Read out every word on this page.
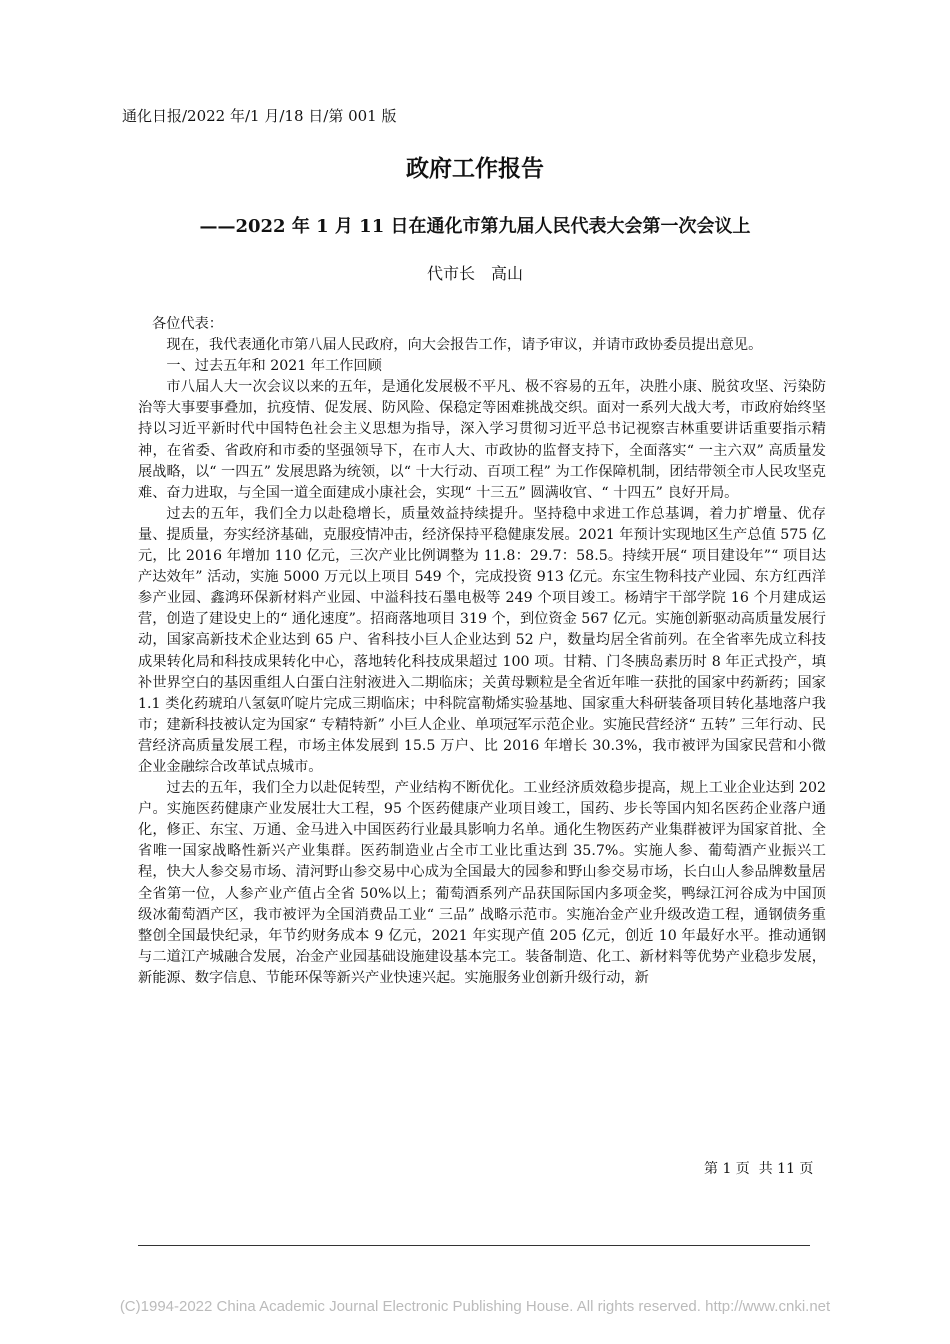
通化日报/2022 年/1 月/18 日/第 001 版
政府工作报告
——2022 年 1 月 11 日在通化市第九届人民代表大会第一次会议上
代市长　高山

各位代表：

现在，我代表通化市第八届人民政府，向大会报告工作，请予审议，并请市政协委员提出意见。

一、过去五年和 2021 年工作回顾

市八届人大一次会议以来的五年，是通化发展极不平凡、极不容易的五年，决胜小康、脱贫攻坚、污染防治等大事要事叠加，抗疫情、促发展、防风险、保稳定等困难挑战交织。面对一系列大战大考，市政府始终坚持以习近平新时代中国特色社会主义思想为指导，深入学习贯彻习近平总书记视察吉林重要讲话重要指示精神，在省委、省政府和市委的坚强领导下，在市人大、市政协的监督支持下，全面落实“ 一主六双” 高质量发展战略，以“ 一四五” 发展思路为统领，以“ 十大行动、百项工程” 为工作保障机制，团结带领全市人民攻坚克难、奋力进取，与全国一道全面建成小康社会，实现“ 十三五” 圆满收官、“ 十四五” 良好开局。

过去的五年，我们全力以赴稳增长，质量效益持续提升。坚持稳中求进工作总基调，着力扩增量、优存量、提质量，夯实经济基础，克服疫情冲击，经济保持平稳健康发展。2021 年预计实现地区生产总值 575 亿元，比 2016 年增加 110 亿元，三次产业比例调整为 11.8：29.7：58.5。持续开展“ 项目建设年”“ 项目达产达效年” 活动，实施 5000 万元以上项目 549 个，完成投资 913 亿元。东宝生物科技产业园、东方红西洋参产业园、鑫鸿环保新材料产业园、中溢科技石墨电极等 249 个项目竣工。杨靖宇干部学院 16 个月建成运营，创造了建设史上的“ 通化速度”。招商落地项目 319 个，到位资金 567 亿元。实施创新驱动高质量发展行动，国家高新技术企业达到 65 户、省科技小巨人企业达到 52 户，数量均居全省前列。在全省率先成立科技成果转化局和科技成果转化中心，落地转化科技成果超过 100 项。甘精、门冬胰岛素历时 8 年正式投产，填补世界空白的基因重组人白蛋白注射液进入二期临床；关黄母颗粒是全省近年唯一获批的国家中药新药；国家 1.1 类化药琥珀八氢氨吖啶片完成三期临床；中科院富勒烯实验基地、国家重大科研装备项目转化基地落户我市；建新科技被认定为国家“ 专精特新” 小巨人企业、单项冠军示范企业。实施民营经济“ 五转” 三年行动、民营经济高质量发展工程，市场主体发展到 15.5 万户、比 2016 年增长 30.3%，我市被评为国家民营和小微企业金融综合改革试点城市。

过去的五年，我们全力以赴促转型，产业结构不断优化。工业经济质效稳步提高，规上工业企业达到 202 户。实施医药健康产业发展壮大工程，95 个医药健康产业项目竣工，国药、步长等国内知名医药企业落户通化，修正、东宝、万通、金马进入中国医药行业最具影响力名单。通化生物医药产业集群被评为国家首批、全省唯一国家战略性新兴产业集群。医药制造业占全市工业比重达到 35.7%。实施人参、葡萄酒产业振兴工程，快大人参交易市场、清河野山参交易中心成为全国最大的园参和野山参交易市场，长白山人参品牌数量居全省第一位，人参产业产值占全省 50%以上；葡萄酒系列产品获国际国内多项金奖，鸭绿江河谷成为中国顶级冰葡萄酒产区，我市被评为全国消费品工业“ 三品” 战略示范市。实施冶金产业升级改造工程，通钢债务重整创全国最快纪录，年节约财务成本 9 亿元，2021 年实现产值 205 亿元，创近 10 年最好水平。推动通钢与二道江产城融合发展，冶金产业园基础设施建设基本完工。装备制造、化工、新材料等优势产业稳步发展，新能源、数字信息、节能环保等新兴产业快速兴起。实施服务业创新升级行动，新

第 1 页  共 11 页
(C)1994-2022 China Academic Journal Electronic Publishing House. All rights reserved. http://www.cnki.net
